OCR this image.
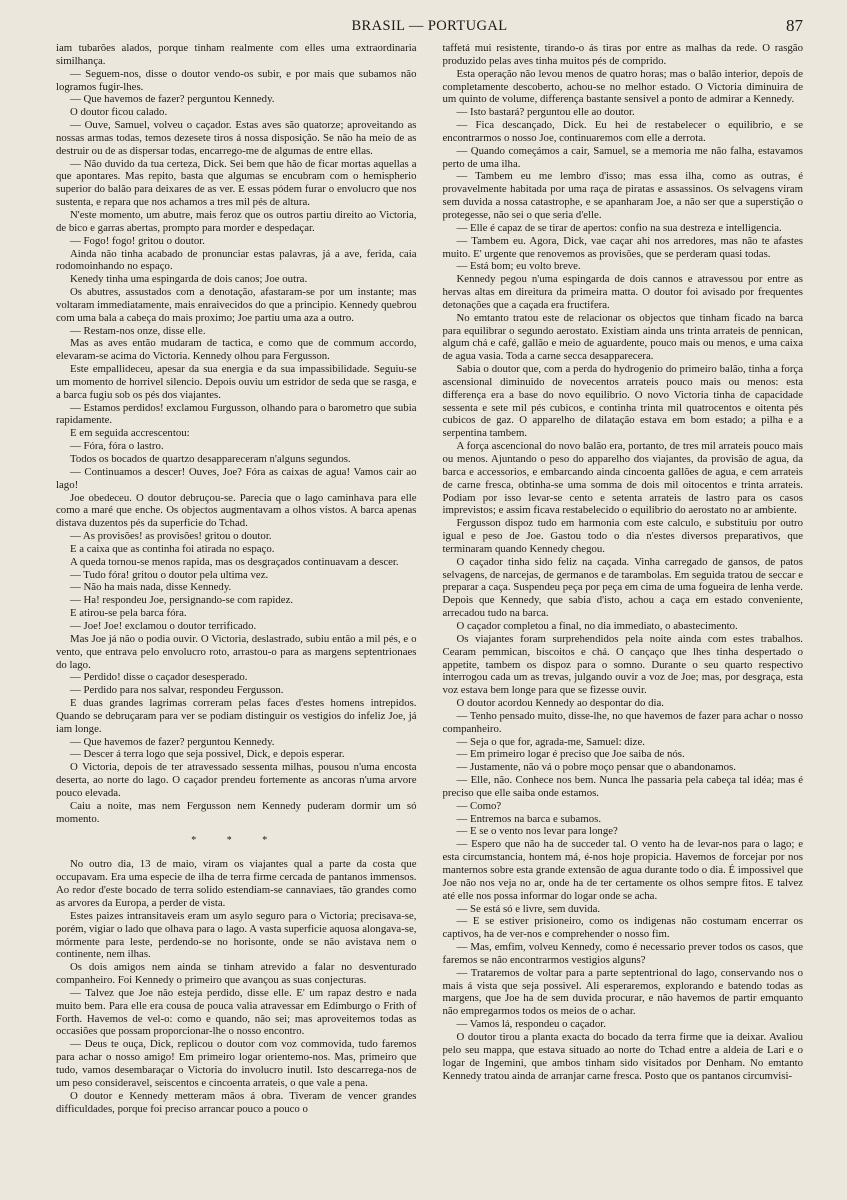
BRASIL — PORTUGAL	87

iam tubarões alados, porque tinham realmente com elles uma extraordinaria similhança.

— Seguem-nos, disse o doutor vendo-os subir, e por mais que subamos não logramos fugir-lhes.

— Que havemos de fazer? perguntou Kennedy.

O doutor ficou calado.

— Ouve, Samuel, volveu o caçador. Estas aves são quatorze; aproveitando as nossas armas todas, temos dezesete tiros á nossa disposição. Se não ha meio de as destruir ou de as dispersar todas, encarrego-me de algumas de entre ellas.

— Não duvido da tua certeza, Dick. Sei bem que hão de ficar mortas aquellas a que apontares. Mas repito, basta que algumas se encubram com o hemispherio superior do balão para deixares de as ver. E essas pódem furar o envolucro que nos sustenta, e repara que nos achamos a tres mil pés de altura.

N'este momento, um abutre, mais feroz que os outros partiu direito ao Victoria, de bico e garras abertas, prompto para morder e despedaçar.

— Fogo! fogo! gritou o doutor.

Ainda não tinha acabado de pronunciar estas palavras, já a ave, ferida, caia rodomoinhando no espaço.

Kenedy tinha uma espingarda de dois canos; Joe outra.

Os abutres, assustados com a denotação, afastaram-se por um instante; mas voltaram immediatamente, mais enraivecidos do que a principio. Kennedy quebrou com uma bala a cabeça do mais proximo; Joe partiu uma aza a outro.

— Restam-nos onze, disse elle.

Mas as aves então mudaram de tactica, e como que de commum accordo, elevaram-se acima do Victoria. Kennedy olhou para Fergusson.

Este empallideceu, apesar da sua energia e da sua impassibilidade. Seguiu-se um momento de horrivel silencio. Depois ouviu um estridor de seda que se rasga, e a barca fugiu sob os pés dos viajantes.

— Estamos perdidos! exclamou Furgusson, olhando para o barometro que subia rapidamente.

E em seguida accrescentou:

— Fóra, fóra o lastro.

Todos os bocados de quartzo desappareceram n'alguns segundos.

— Continuamos a descer! Ouves, Joe? Fóra as caixas de agua! Vamos cair ao lago!

Joe obedeceu. O doutor debruçou-se. Parecia que o lago caminhava para elle como a maré que enche. Os objectos augmentavam a olhos vistos. A barca apenas distava duzentos pés da superficie do Tchad.

— As provisões! as provisões! gritou o doutor.

E a caixa que as continha foi atirada no espaço.

A queda tornou-se menos rapida, mas os desgraçados continuavam a descer.

— Tudo fóra! gritou o doutor pela ultima vez.

— Não ha mais nada, disse Kennedy.

— Ha! respondeu Joe, persignando-se com rapidez.

E atirou-se pela barca fóra.

— Joe! Joe! exclamou o doutor terrificado.

Mas Joe já não o podia ouvir. O Victoria, deslastrado, subiu então a mil pés, e o vento, que entrava pelo envolucro roto, arrastou-o para as margens septentrionaes do lago.

— Perdido! disse o caçador desesperado.

— Perdido para nos salvar, respondeu Fergusson.

E duas grandes lagrimas correram pelas faces d'estes homens intrepidos. Quando se debruçaram para ver se podiam distinguir os vestigios do infeliz Joe, já iam longe.

— Que havemos de fazer? perguntou Kennedy.

— Descer á terra logo que seja possivel, Dick, e depois esperar.

O Victoria, depois de ter atravessado sessenta milhas, pousou n'uma encosta deserta, ao norte do lago. O caçador prendeu fortemente as ancoras n'uma arvore pouco elevada.

Caiu a noite, mas nem Fergusson nem Kennedy puderam dormir um só momento.

* * *

No outro dia, 13 de maio, viram os viajantes qual a parte da costa que occupavam. Era uma especie de ilha de terra firme cercada de pantanos immensos. Ao redor d'este bocado de terra solido estendiam-se cannaviaes, tão grandes como as arvores da Europa, a perder de vista.

Estes paizes intransitaveis eram um asylo seguro para o Victoria; precisava-se, porém, vigiar o lado que olhava para o lago. A vasta superficie aquosa alongava-se, mórmente para leste, perdendo-se no horisonte, onde se não avistava nem o continente, nem ilhas.

Os dois amigos nem ainda se tinham atrevido a falar no desventurado companheiro. Foi Kennedy o primeiro que avançou as suas conjecturas.

— Talvez que Joe não esteja perdido, disse elle. E' um rapaz destro e nada muito bem. Para elle era cousa de pouca valia atravessar em Edimburgo o Frith of Forth. Havemos de vel-o: como e quando, não sei; mas aproveitemos todas as occasiões que possam proporcionar-lhe o nosso encontro.

— Deus te ouça, Dick, replicou o doutor com voz commovida, tudo faremos para achar o nosso amigo! Em primeiro logar orientemo-nos. Mas, primeiro que tudo, vamos desembaraçar o Victoria do involucro inutil. Isto descarrega-nos de um peso consideravel, seiscentos e cincoenta arrateis, o que vale a pena.

O doutor e Kennedy metteram mãos á obra. Tiveram de vencer grandes difficuldades, porque foi preciso arrancar pouco a pouco o

taffetá mui resistente, tirando-o ás tiras por entre as malhas da rede. O rasgão produzido pelas aves tinha muitos pés de comprido.

Esta operação não levou menos de quatro horas; mas o balão interior, depois de completamente descoberto, achou-se no melhor estado. O Victoria diminuira de um quinto de volume, differença bastante sensivel a ponto de admirar a Kennedy.

— Isto bastará? perguntou elle ao doutor.

— Fica descançado, Dick. Eu hei de restabelecer o equilibrio, e se encontrarmos o nosso Joe, continuaremos com elle a derrota.

— Quando começámos a cair, Samuel, se a memoria me não falha, estavamos perto de uma ilha.

— Tambem eu me lembro d'isso; mas essa ilha, como as outras, é provavelmente habitada por uma raça de piratas e assassinos. Os selvagens viram sem duvida a nossa catastrophe, e se apanharam Joe, a não ser que a superstição o protegesse, não sei o que seria d'elle.

— Elle é capaz de se tirar de apertos: confio na sua destreza e intelligencia.

— Tambem eu. Agora, Dick, vae caçar ahi nos arredores, mas não te afastes muito. E' urgente que renovemos as provisões, que se perderam quasi todas.

— Está bom; eu volto breve.

Kennedy pegou n'uma espingarda de dois cannos e atravessou por entre as hervas altas em direitura da primeira matta. O doutor foi avisado por frequentes detonações que a caçada era fructifera.

No emtanto tratou este de relacionar os objectos que tinham ficado na barca para equilibrar o segundo aerostato. Existiam ainda uns trinta arrateis de pennican, algum chá e café, gallão e meio de aguardente, pouco mais ou menos, e uma caixa de agua vasia. Toda a carne secca desapparecera.

Sabia o doutor que, com a perda do hydrogenio do primeiro balão, tinha a força ascensional diminuido de novecentos arrateis pouco mais ou menos: esta differença era a base do novo equilibrio. O novo Victoria tinha de capacidade sessenta e sete mil pés cubicos, e continha trinta mil quatrocentos e oitenta pés cubicos de gaz. O apparelho de dilatação estava em bom estado; a pilha e a serpentina tambem.

A força ascencional do novo balão era, portanto, de tres mil arrateis pouco mais ou menos. Ajuntando o peso do apparelho dos viajantes, da provisão de agua, da barca e accessorios, e embarcando ainda cincoenta gallões de agua, e cem arrateis de carne fresca, obtinha-se uma somma de dois mil oitocentos e trinta arrateis. Podiam por isso levar-se cento e setenta arrateis de lastro para os casos imprevistos; e assim ficava restabelecido o equilibrio do aerostato no ar ambiente.

Fergusson dispoz tudo em harmonia com este calculo, e substituiu por outro igual e peso de Joe. Gastou todo o dia n'estes diversos preparativos, que terminaram quando Kennedy chegou.

O caçador tinha sido feliz na caçada. Vinha carregado de gansos, de patos selvagens, de narcejas, de germanos e de tarambolas. Em seguida tratou de seccar e preparar a caça. Suspendeu peça por peça em cima de uma fogueira de lenha verde. Depois que Kennedy, que sabia d'isto, achou a caça em estado conveniente, arrecadou tudo na barca.

O caçador completou a final, no dia immediato, o abastecimento.

Os viajantes foram surprehendidos pela noite ainda com estes trabalhos. Cearam pemmican, biscoitos e chá. O cançaço que lhes tinha despertado o appetite, tambem os dispoz para o somno. Durante o seu quarto respectivo interrogou cada um as trevas, julgando ouvir a voz de Joe; mas, por desgraça, esta voz estava bem longe para que se fizesse ouvir.

O doutor acordou Kennedy ao despontar do dia.

— Tenho pensado muito, disse-lhe, no que havemos de fazer para achar o nosso companheiro.

— Seja o que for, agrada-me, Samuel: dize.

— Em primeiro logar é preciso que Joe saiba de nós.

— Justamente, não vá o pobre moço pensar que o abandonamos.

— Elle, não. Conhece nos bem. Nunca lhe passaria pela cabeça tal idéa; mas é preciso que elle saiba onde estamos.

— Como?

— Entremos na barca e subamos.

— E se o vento nos levar para longe?

— Espero que não ha de succeder tal. O vento ha de levar-nos para o lago; e esta circumstancia, hontem má, é-nos hoje propicia. Havemos de forcejar por nos manternos sobre esta grande extensão de agua durante todo o dia. É impossivel que Joe não nos veja no ar, onde ha de ter certamente os olhos sempre fitos. E talvez até elle nos possa informar do logar onde se acha.

— Se está só e livre, sem duvida.

— E se estiver prisioneiro, como os indigenas não costumam encerrar os captivos, ha de ver-nos e comprehender o nosso fim.

— Mas, emfim, volveu Kennedy, como é necessario prever todos os casos, que faremos se não encontrarmos vestigios alguns?

— Trataremos de voltar para a parte septentrional do lago, conservando nos o mais á vista que seja possivel. Ali esperaremos, explorando e batendo todas as margens, que Joe ha de sem duvida procurar, e não havemos de partir emquanto não empregarmos todos os meios de o achar.

— Vamos lá, respondeu o caçador.

O doutor tirou a planta exacta do bocado da terra firme que ia deixar. Avaliou pelo seu mappa, que estava situado ao norte do Tchad entre a aldeia de Lari e o logar de Ingemini, que ambos tinham sido visitados por Denham. No emtanto Kennedy tratou ainda de arranjar carne fresca. Posto que os pantanos circumvisi-
